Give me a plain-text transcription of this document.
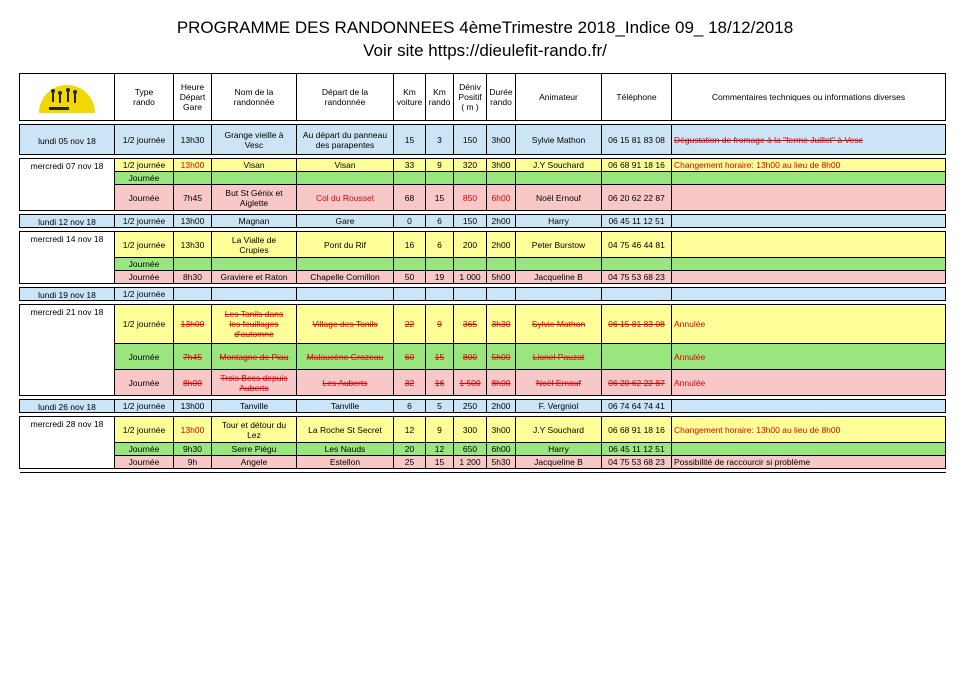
PROGRAMME DES RANDONNEES 4èmeTrimestre 2018_Indice 09_ 18/12/2018
Voir site https://dieulefit-rando.fr/
	Type
rando	Heure
Départ
Gare	Nom de la
randonnée	Départ de la
randonnée	Km
voiture	Km
rando	Déniv
Positif
( m )	Durée
rando	Animateur	Téléphone	Commentaires techniques ou informations diverses

lundi 05 nov 18	1/2 journée	13h30	Grange vieille à
Vesc	Au départ du panneau
des parapentes	15	3	150	3h00	Sylvie Mathon	06 15 81 83 08	Dégustation de fromage à la "ferme Juillet" à Vesc

mercredi 07 nov 18	1/2 journée	13h00	Visan	Visan	33	9	320	3h00	J.Y Souchard	06 68 91 18 16	Changement horaire: 13h00 au lieu de 8h00
	Journée										
	Journée	7h45	But St Génix et
Aiglette	Col du Rousset	68	15	850	6h00	Noël Ernouf	06 20 62 22 87	

lundi 12 nov 18	1/2 journée	13h00	Magnan	Gare	0	6	150	2h00	Harry	06 45 11 12 51	

mercredi 14 nov 18	1/2 journée	13h30	La Vialle de
Crupies	Pont du Rif	16	6	200	2h00	Peter Burstow	04 75 46 44 81	
	Journée										
	Journée	8h30	Graviere et Raton	Chapelle Cornillon	50	19	1 000	5h00	Jacqueline B	04 75 53 68 23	

lundi 19 nov 18	1/2 journée										

mercredi 21 nov 18	1/2 journée	13h00	Les Tonils dans
les feuillages
d'automne	Village des Tonils	22	9	365	3h30	Sylvie Mathon	06 15 81 83 08	Annulée
	Journée	7h45	Montagne de Piau	Malaucène Grozeau	60	15	800	5h00	Lionel Pauzat		Annulée
	Journée	8h00	Trois Becs depuis
Auberts	Les Auberts	32	16	1 500	8h00	Noël Ernouf	06 20 62 22 87	Annulée

lundi 26 nov 18	1/2 journée	13h00	Tanville	Tanville	6	5	250	2h00	F. Vergniol	06 74 64 74 41	

mercredi 28 nov 18	1/2 journée	13h00	Tour et détour du
Lez	La Roche St Secret	12	9	300	3h00	J.Y Souchard	06 68 91 18 16	Changement horaire: 13h00 au lieu de 8h00
	Journée	9h30	Serre Piègu	Les Nauds	20	12	650	6h00	Harry	06 45 11 12 51	
	Journée	9h	Angele	Estellon	25	15	1 200	5h30	Jacqueline B	04 75 53 68 23	Possibilité de raccourcir si problème
